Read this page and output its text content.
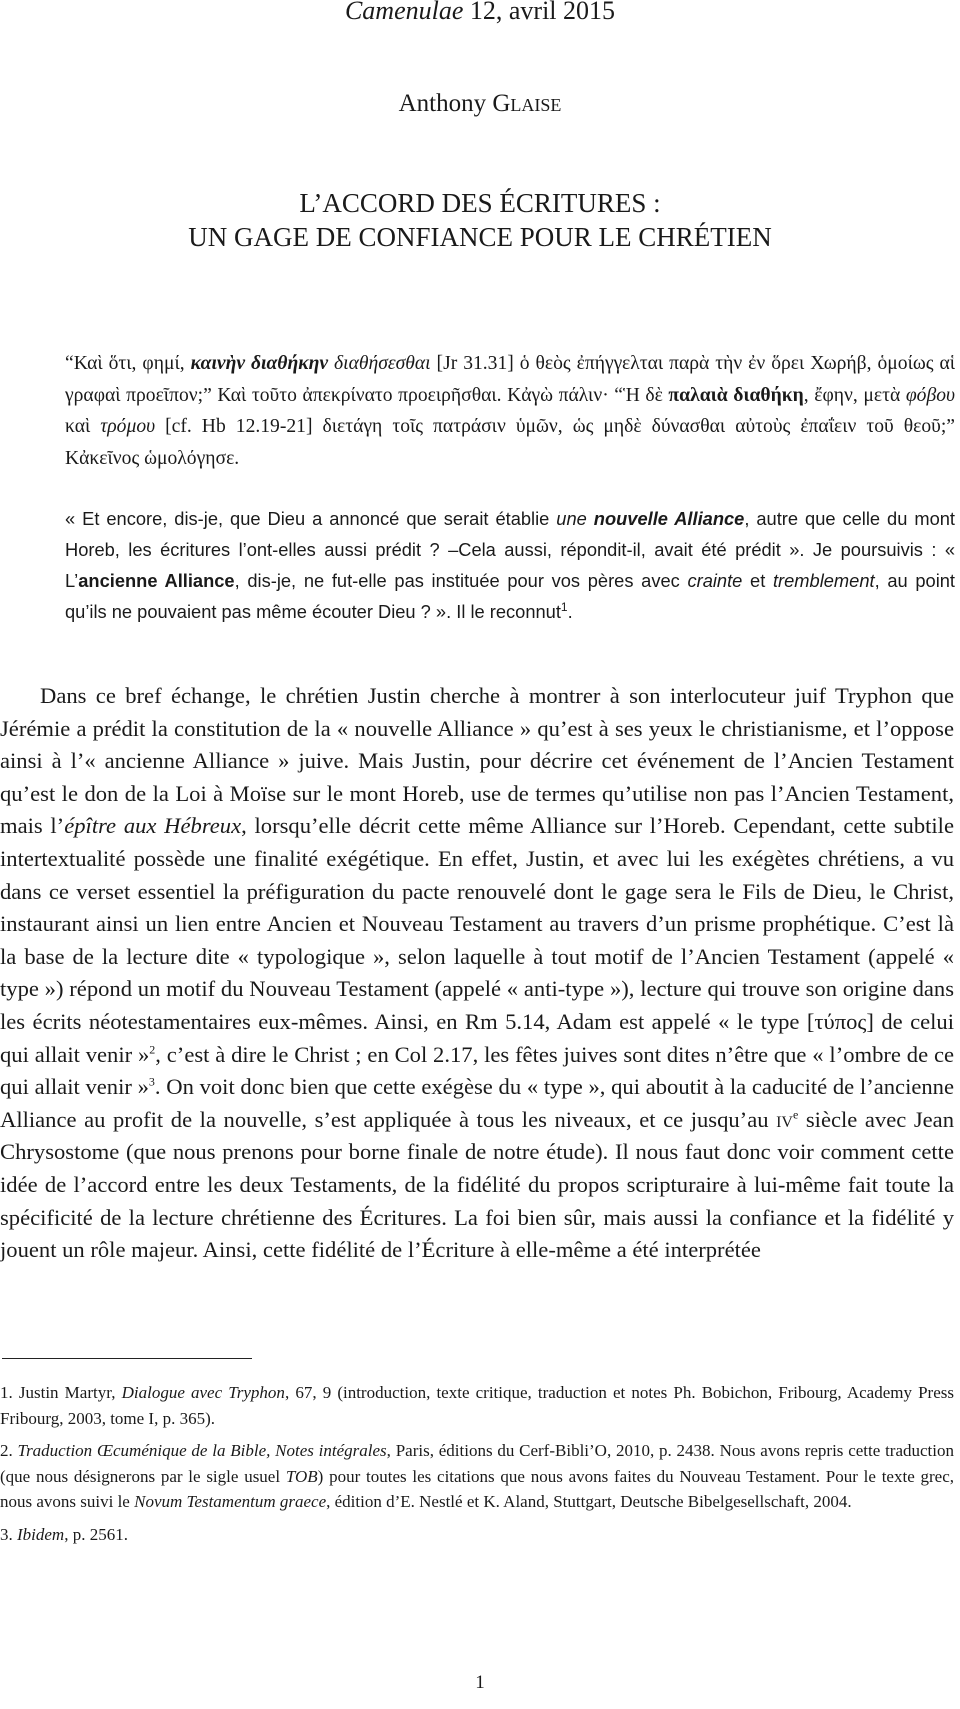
Camenulae 12, avril 2015
Anthony Glaise
L’ACCORD DES ÉCRITURES :
UN GAGE DE CONFIANCE POUR LE CHRÉTIEN
“Καὶ ὅτι, φημί, καινὴν διαθήκην διαθήσεσθαι [Jr 31.31] ὁ θεὸς ἐπήγγελται παρὰ τὴν ἐν ὅρει Χωρήβ, ὁμοίως αἱ γραφαὶ προεῖπον;” Καὶ τοῦτο ἀπεκρίνατο προειρῆσθαι. Κἀγὼ πάλιν· “Ἡ δὲ παλαιὰ διαθήκη, ἔφην, μετὰ φόβου καὶ τρόμου [cf. Hb 12.19-21] διετάγη τοῖς πατράσιν ὑμῶν, ὡς μηδὲ δύνασθαι αὐτοὺς ἐπαΐειν τοῦ θεοῦ;” Κἀκεῖνος ὡμολόγησε.
« Et encore, dis-je, que Dieu a annoncé que serait établie une nouvelle Alliance, autre que celle du mont Horeb, les écritures l’ont-elles aussi prédit ? –Cela aussi, répondit-il, avait été prédit ». Je poursuivis : « L’ancienne Alliance, dis-je, ne fut-elle pas instituée pour vos pères avec crainte et tremblement, au point qu’ils ne pouvaient pas même écouter Dieu ? ». Il le reconnut$^1$.
Dans ce bref échange, le chrétien Justin cherche à montrer à son interlocuteur juif Tryphon que Jérémie a prédit la constitution de la « nouvelle Alliance » qu’est à ses yeux le christianisme, et l’oppose ainsi à l’« ancienne Alliance » juive. Mais Justin, pour décrire cet événement de l’Ancien Testament qu’est le don de la Loi à Moïse sur le mont Horeb, use de termes qu’utilise non pas l’Ancien Testament, mais l’épître aux Hébreux, lorsqu’elle décrit cette même Alliance sur l’Horeb. Cependant, cette subtile intertextualité possède une finalité exégétique. En effet, Justin, et avec lui les exégètes chrétiens, a vu dans ce verset essentiel la préfiguration du pacte renouvelé dont le gage sera le Fils de Dieu, le Christ, instaurant ainsi un lien entre Ancien et Nouveau Testament au travers d’un prisme prophétique. C’est là la base de la lecture dite « typologique », selon laquelle à tout motif de l’Ancien Testament (appelé « type ») répond un motif du Nouveau Testament (appelé « anti-type »), lecture qui trouve son origine dans les écrits néotestamentaires eux-mêmes. Ainsi, en Rm 5.14, Adam est appelé « le type [τύπος] de celui qui allait venir »$^2$, c’est à dire le Christ ; en Col 2.17, les fêtes juives sont dites n’être que « l’ombre de ce qui allait venir »$^3$. On voit donc bien que cette exégèse du « type », qui aboutit à la caducité de l’ancienne Alliance au profit de la nouvelle, s’est appliquée à tous les niveaux, et ce jusqu’au $iv^e$ siècle avec Jean Chrysostome (que nous prenons pour borne finale de notre étude). Il nous faut donc voir comment cette idée de l’accord entre les deux Testaments, de la fidélité du propos scripturaire à lui-même fait toute la spécificité de la lecture chrétienne des Écritures. La foi bien sûr, mais aussi la confiance et la fidélité y jouent un rôle majeur. Ainsi, cette fidélité de l’Écriture à elle-même a été interprétée
1. Justin Martyr, Dialogue avec Tryphon, 67, 9 (introduction, texte critique, traduction et notes Ph. Bobichon, Fribourg, Academy Press Fribourg, 2003, tome I, p. 365).
2. Traduction Œcuménique de la Bible, Notes intégrales, Paris, éditions du Cerf-Bibli’O, 2010, p. 2438. Nous avons repris cette traduction (que nous désignerons par le sigle usuel TOB) pour toutes les citations que nous avons faites du Nouveau Testament. Pour le texte grec, nous avons suivi le Novum Testamentum graece, édition d’E. Nestlé et K. Aland, Stuttgart, Deutsche Bibelgesellschaft, 2004.
3. Ibidem, p. 2561.
1
